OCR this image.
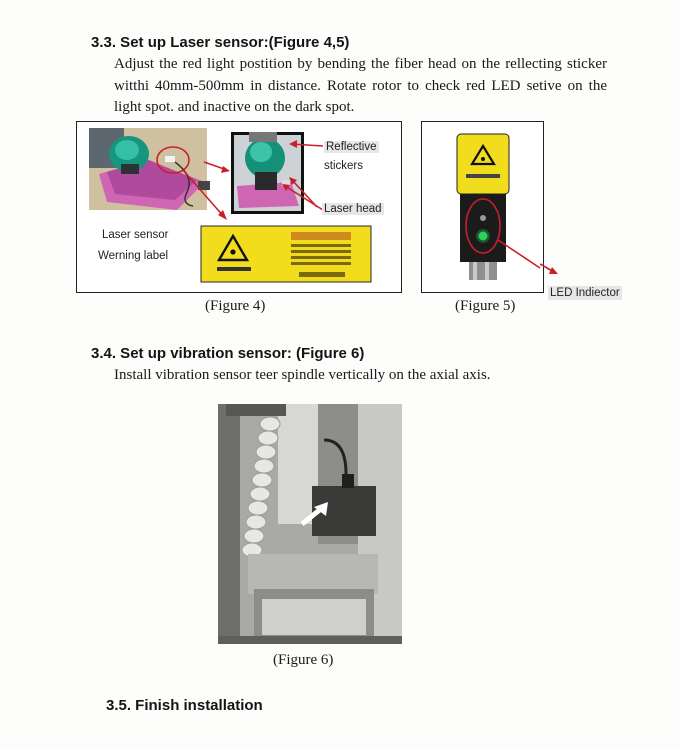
3.3. Set up Laser sensor:(Figure 4,5)
Adjust the red light postition by bending the fiber head on the rellecting sticker witthi 40mm-500mm in distance. Rotate rotor to check red LED setive on the light spot. and inactive on the dark spot.
Reflective
stickers
Laser head
Laser sensor
Werning label
(Figure 4)
LED Indiector
(Figure 5)
3.4. Set up vibration sensor: (Figure 6)
Install vibration sensor teer spindle vertically on the axial axis.
(Figure 6)
3.5. Finish installation
